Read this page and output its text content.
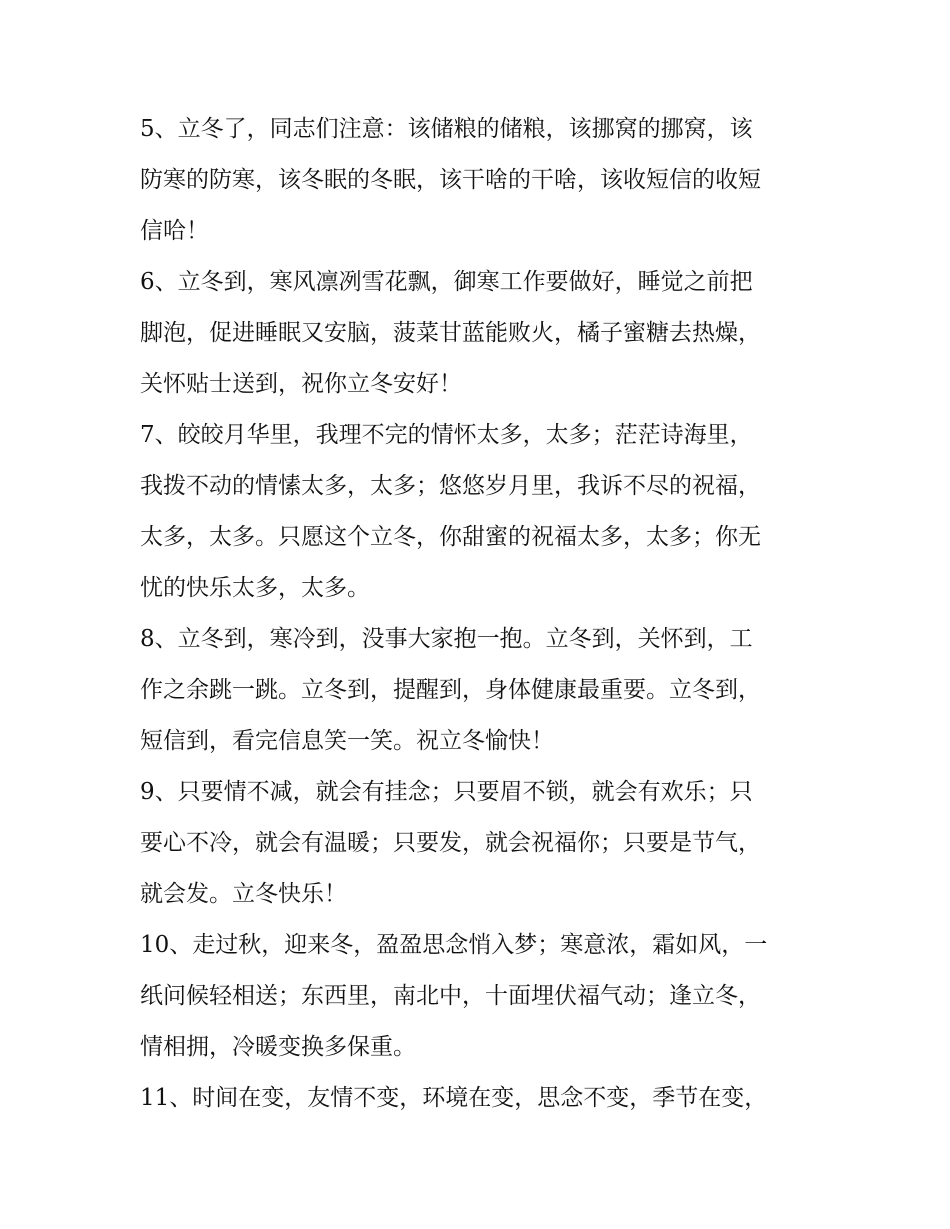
5、立冬了，同志们注意：该储粮的储粮，该挪窝的挪窝，该
防寒的防寒，该冬眠的冬眠，该干啥的干啥，该收短信的收短
信哈！

6、立冬到，寒风凛冽雪花飘，御寒工作要做好，睡觉之前把
脚泡，促进睡眠又安脑，菠菜甘蓝能败火，橘子蜜糖去热燥，
关怀贴士送到，祝你立冬安好！

7、皎皎月华里，我理不完的情怀太多，太多；茫茫诗海里，
我拨不动的情愫太多，太多；悠悠岁月里，我诉不尽的祝福，
太多，太多。只愿这个立冬，你甜蜜的祝福太多，太多；你无
忧的快乐太多，太多。

8、立冬到，寒冷到，没事大家抱一抱。立冬到，关怀到，工
作之余跳一跳。立冬到，提醒到，身体健康最重要。立冬到，
短信到，看完信息笑一笑。祝立冬愉快！

9、只要情不减，就会有挂念；只要眉不锁，就会有欢乐；只
要心不冷，就会有温暖；只要发，就会祝福你；只要是节气，
就会发。立冬快乐！

10、走过秋，迎来冬，盈盈思念悄入梦；寒意浓，霜如风，一
纸问候轻相送；东西里，南北中，十面埋伏福气动；逢立冬，
情相拥，冷暖变换多保重。

11、时间在变，友情不变，环境在变，思念不变，季节在变，
